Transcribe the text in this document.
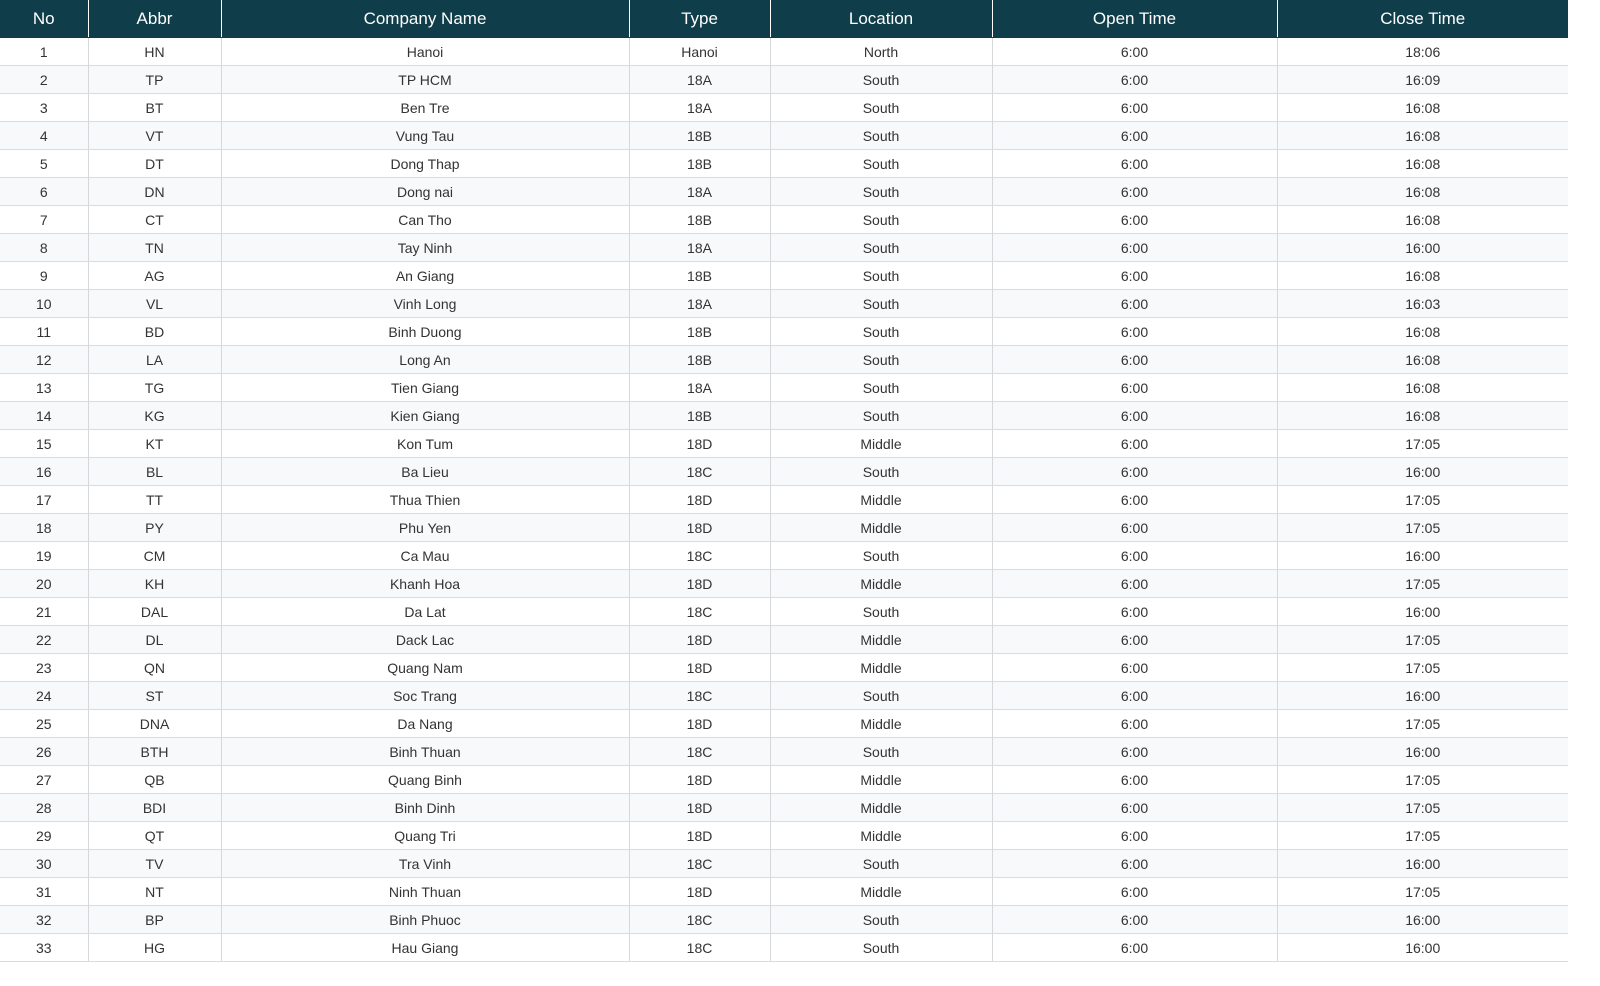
No	Abbr	Company Name	Type	Location	Open Time	Close Time
1	HN	Hanoi	Hanoi	North	6:00	18:06
2	TP	TP HCM	18A	South	6:00	16:09
3	BT	Ben Tre	18A	South	6:00	16:08
4	VT	Vung Tau	18B	South	6:00	16:08
5	DT	Dong Thap	18B	South	6:00	16:08
6	DN	Dong nai	18A	South	6:00	16:08
7	CT	Can Tho	18B	South	6:00	16:08
8	TN	Tay Ninh	18A	South	6:00	16:00
9	AG	An Giang	18B	South	6:00	16:08
10	VL	Vinh Long	18A	South	6:00	16:03
11	BD	Binh Duong	18B	South	6:00	16:08
12	LA	Long An	18B	South	6:00	16:08
13	TG	Tien Giang	18A	South	6:00	16:08
14	KG	Kien Giang	18B	South	6:00	16:08
15	KT	Kon Tum	18D	Middle	6:00	17:05
16	BL	Ba Lieu	18C	South	6:00	16:00
17	TT	Thua Thien	18D	Middle	6:00	17:05
18	PY	Phu Yen	18D	Middle	6:00	17:05
19	CM	Ca Mau	18C	South	6:00	16:00
20	KH	Khanh Hoa	18D	Middle	6:00	17:05
21	DAL	Da Lat	18C	South	6:00	16:00
22	DL	Dack Lac	18D	Middle	6:00	17:05
23	QN	Quang Nam	18D	Middle	6:00	17:05
24	ST	Soc Trang	18C	South	6:00	16:00
25	DNA	Da Nang	18D	Middle	6:00	17:05
26	BTH	Binh Thuan	18C	South	6:00	16:00
27	QB	Quang Binh	18D	Middle	6:00	17:05
28	BDI	Binh Dinh	18D	Middle	6:00	17:05
29	QT	Quang Tri	18D	Middle	6:00	17:05
30	TV	Tra Vinh	18C	South	6:00	16:00
31	NT	Ninh Thuan	18D	Middle	6:00	17:05
32	BP	Binh Phuoc	18C	South	6:00	16:00
33	HG	Hau Giang	18C	South	6:00	16:00
